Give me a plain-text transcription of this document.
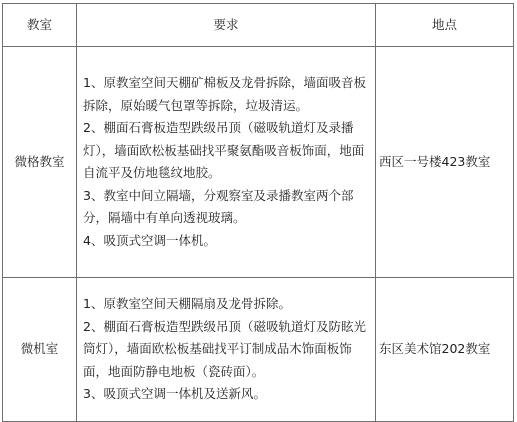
教室	要求	地点
微格教室	1、原教室空间天棚矿棉板及龙骨拆除，墙面吸音板拆除，原始暖气包罩等拆除，垃圾清运。

2、棚面石膏板造型跌级吊顶（磁吸轨道灯及录播灯），墙面欧松板基础找平聚氨酯吸音板饰面，地面自流平及仿地毯纹地胶。

3、教室中间立隔墙，分观察室及录播教室两个部分，隔墙中有单向透视玻璃。

4、吸顶式空调一体机。	西区一号楼423教室
微机室	1、原教室空间天棚隔扇及龙骨拆除。

2、棚面石膏板造型跌级吊顶（磁吸轨道灯及防眩光筒灯），墙面欧松板基础找平订制成品木饰面板饰面，地面防静电地板（瓷砖面）。

3、吸顶式空调一体机及送新风。	东区美术馆202教室
